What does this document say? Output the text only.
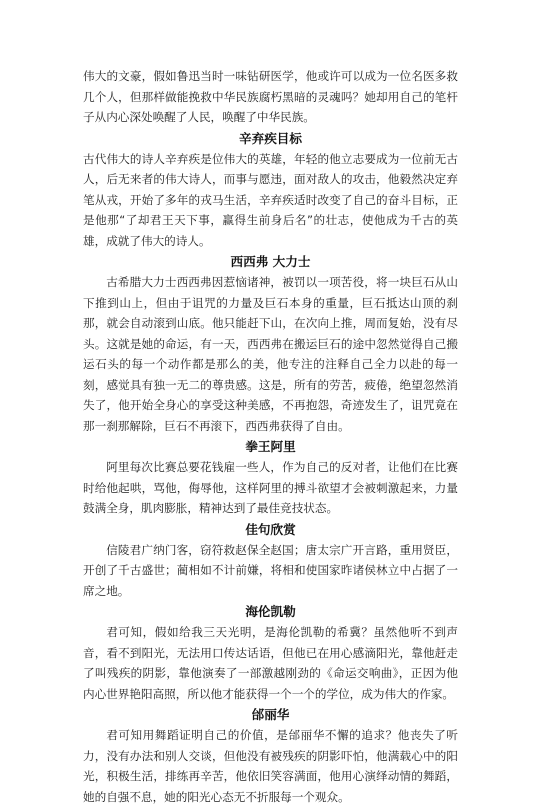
伟大的文豪，假如鲁迅当时一味钻研医学，他或许可以成为一位名医多救几个人，但那样做能挽救中华民族腐朽黑暗的灵魂吗？她却用自己的笔杆子从内心深处唤醒了人民，唤醒了中华民族。

辛弃疾目标

古代伟大的诗人辛弃疾是位伟大的英雄，年轻的他立志要成为一位前无古人，后无来者的伟大诗人，而事与愿违，面对敌人的攻击，他毅然决定弃笔从戎，开始了多年的戎马生活，辛弃疾适时改变了自己的奋斗目标，正是他那“了却君王天下事，赢得生前身后名”的壮志，使他成为千古的英雄，成就了伟大的诗人。

西西弗 大力士

古希腊大力士西西弗因惹恼诸神，被罚以一项苦役，将一块巨石从山下推到山上，但由于诅咒的力量及巨石本身的重量，巨石抵达山顶的刹那，就会自动滚到山底。他只能赶下山，在次向上推，周而复始，没有尽头。这就是她的命运，有一天，西西弗在搬运巨石的途中忽然觉得自己搬运石头的每一个动作都是那么的美，他专注的注释自己全力以赴的每一刻，感觉具有独一无二的尊贵感。这是，所有的劳苦，疲倦，绝望忽然消失了，他开始全身心的享受这种美感，不再抱怨，奇迹发生了，诅咒竟在那一刹那解除，巨石不再滚下，西西弗获得了自由。

拳王阿里

阿里每次比赛总要花钱雇一些人，作为自己的反对者，让他们在比赛时给他起哄，骂他，侮辱他，这样阿里的搏斗欲望才会被刺激起来，力量鼓满全身，肌肉膨胀，精神达到了最佳竞技状态。

佳句欣赏

信陵君广纳门客，窃符救赵保全赵国；唐太宗广开言路，重用贤臣，开创了千古盛世；蔺相如不计前嫌，将相和使国家昨诸侯林立中占据了一席之地。

海伦凯勒

君可知，假如给我三天光明，是海伦凯勒的希冀？虽然他听不到声音，看不到阳光，无法用口传达话语，但他已在用心感滴阳光，靠他赶走了叫残疾的阴影，靠他演奏了一部激越刚劲的《命运交响曲》，正因为他内心世界艳阳高照，所以他才能获得一个一个的学位，成为伟大的作家。

邰丽华

君可知用舞蹈证明自己的价值，是邰丽华不懈的追求？他丧失了听力，没有办法和别人交谈，但他没有被残疾的阴影吓怕，他满载心中的阳光，积极生活，排练再辛苦，他依旧笑容满面，他用心演绎动情的舞蹈，她的自强不息，她的阳光心态无不折服每一个观众。
